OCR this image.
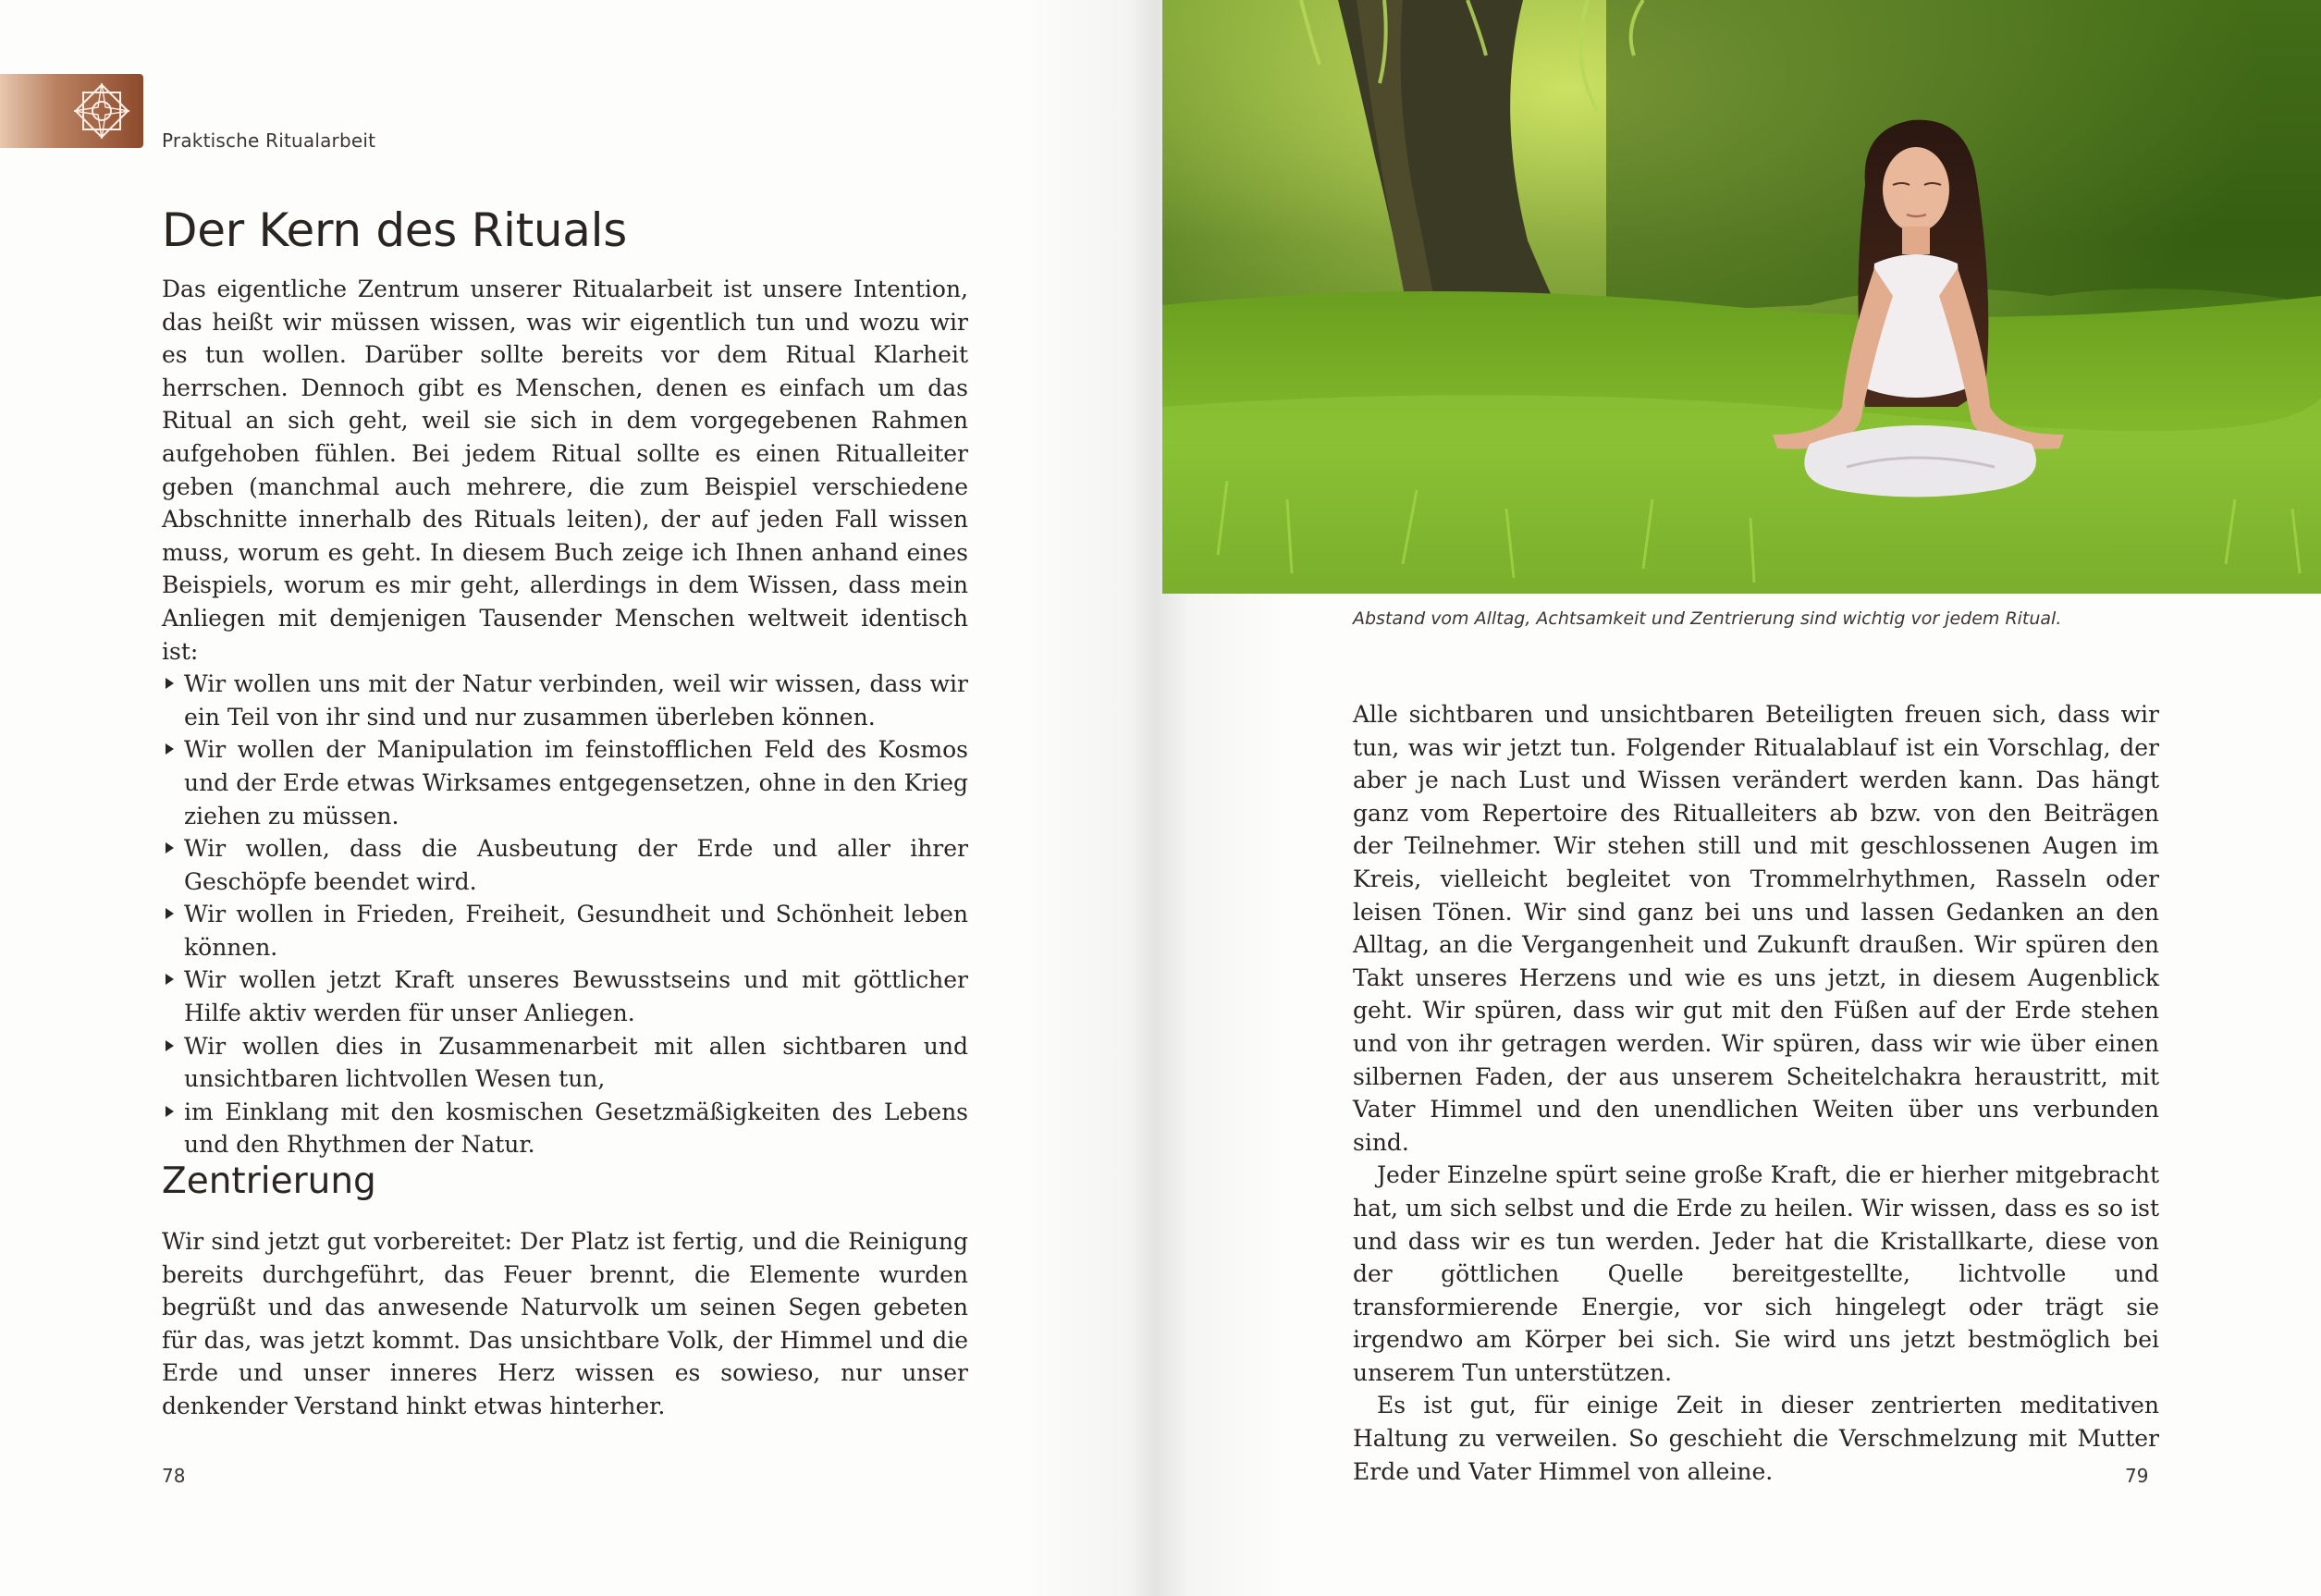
Praktische Ritualarbeit
Der Kern des Rituals

Das eigentliche Zentrum unserer Ritualarbeit ist unsere Intention, das heißt wir müssen wissen, was wir eigentlich tun und wozu wir es tun wollen. Darüber sollte bereits vor dem Ritual Klarheit herrschen. Dennoch gibt es Menschen, denen es einfach um das Ritual an sich geht, weil sie sich in dem vorgegebenen Rahmen aufgehoben fühlen. Bei jedem Ritual sollte es einen Ritualleiter geben (manchmal auch mehrere, die zum Beispiel verschiedene Abschnitte innerhalb des Rituals leiten), der auf jeden Fall wissen muss, worum es geht. In diesem Buch zeige ich Ihnen anhand eines Beispiels, worum es mir geht, allerdings in dem Wissen, dass mein Anliegen mit demjenigen Tausender Menschen weltweit identisch ist:

Wir wollen uns mit der Natur verbinden, weil wir wissen, dass wir ein Teil von ihr sind und nur zusammen überleben können.
Wir wollen der Manipulation im feinstofflichen Feld des Kosmos und der Erde etwas Wirksames entgegensetzen, ohne in den Krieg ziehen zu müssen.
Wir wollen, dass die Ausbeutung der Erde und aller ihrer Geschöpfe beendet wird.
Wir wollen in Frieden, Freiheit, Gesundheit und Schönheit leben können.
Wir wollen jetzt Kraft unseres Bewusstseins und mit göttlicher Hilfe aktiv werden für unser Anliegen.
Wir wollen dies in Zusammenarbeit mit allen sichtbaren und unsichtbaren lichtvollen Wesen tun,
im Einklang mit den kosmischen Gesetzmäßigkeiten des Lebens und den Rhythmen der Natur.
Zentrierung

Wir sind jetzt gut vorbereitet: Der Platz ist fertig, und die Reinigung bereits durchgeführt, das Feuer brennt, die Elemente wurden begrüßt und das anwesende Naturvolk um seinen Segen gebeten für das, was jetzt kommt. Das unsichtbare Volk, der Himmel und die Erde und unser inneres Herz wissen es sowieso, nur unser denkender Verstand hinkt etwas hinterher.

78
Abstand vom Alltag, Achtsamkeit und Zentrierung sind wichtig vor jedem Ritual.

Alle sichtbaren und unsichtbaren Beteiligten freuen sich, dass wir tun, was wir jetzt tun. Folgender Ritualablauf ist ein Vorschlag, der aber je nach Lust und Wissen verändert werden kann. Das hängt ganz vom Repertoire des Ritualleiters ab bzw. von den Beiträgen der Teilnehmer. Wir stehen still und mit geschlossenen Augen im Kreis, vielleicht begleitet von Trommelrhythmen, Rasseln oder leisen Tönen. Wir sind ganz bei uns und lassen Gedanken an den Alltag, an die Vergangenheit und Zukunft draußen. Wir spüren den Takt unseres Herzens und wie es uns jetzt, in diesem Augenblick geht. Wir spüren, dass wir gut mit den Füßen auf der Erde stehen und von ihr getragen werden. Wir spüren, dass wir wie über einen silbernen Faden, der aus unserem Scheitelchakra heraustritt, mit Vater Himmel und den unendlichen Weiten über uns verbunden sind.

Jeder Einzelne spürt seine große Kraft, die er hierher mitgebracht hat, um sich selbst und die Erde zu heilen. Wir wissen, dass es so ist und dass wir es tun werden. Jeder hat die Kristallkarte, diese von der göttlichen Quelle bereitgestellte, lichtvolle und transformierende Energie, vor sich hingelegt oder trägt sie irgendwo am Körper bei sich. Sie wird uns jetzt bestmöglich bei unserem Tun unterstützen.

Es ist gut, für einige Zeit in dieser zentrierten meditativen Haltung zu verweilen. So geschieht die Verschmelzung mit Mutter Erde und Vater Himmel von alleine.	79
